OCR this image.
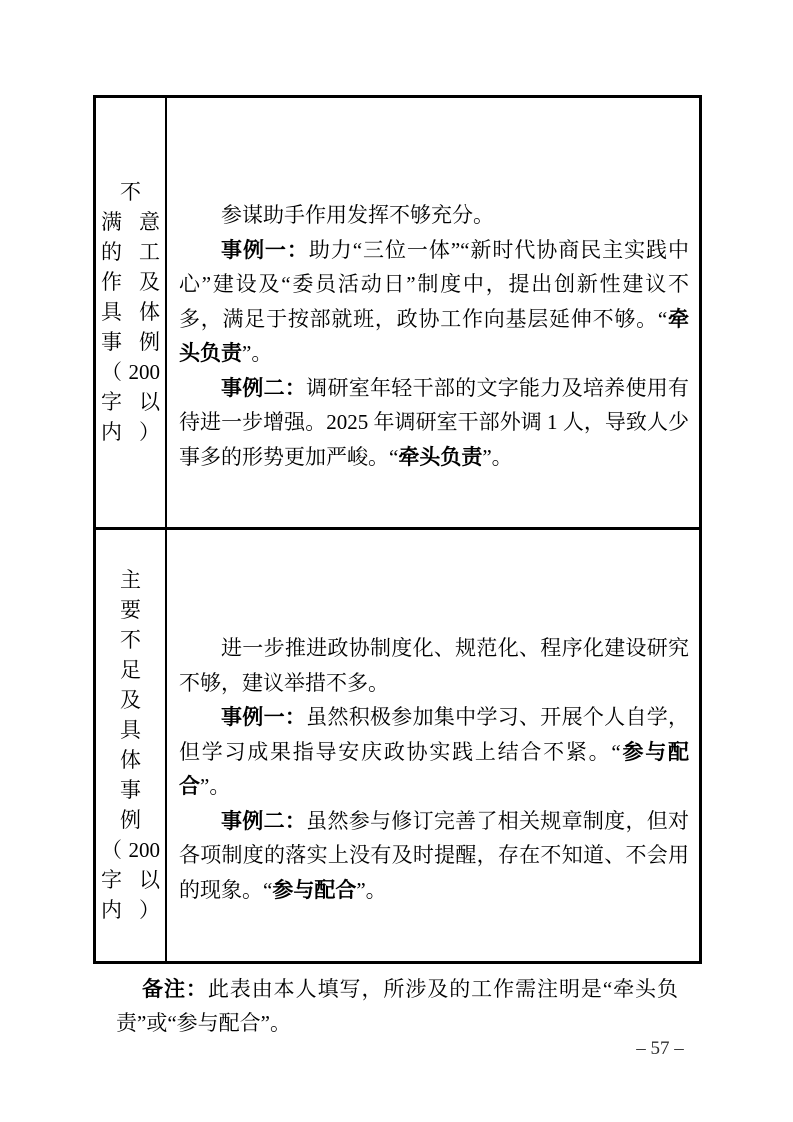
不
满意
的工
作及
具体
事例
（200
字以
内）
参谋助手作用发挥不够充分。
事例一：助力“三位一体”“新时代协商民主实践中心”建设及“委员活动日”制度中，提出创新性建议不多，满足于按部就班，政协工作向基层延伸不够。“牵头负责”。
事例二：调研室年轻干部的文字能力及培养使用有待进一步增强。2025 年调研室干部外调 1 人，导致人少事多的形势更加严峻。“牵头负责”。
主
要
不
足
及
具
体
事
例
（200
字以
内）
进一步推进政协制度化、规范化、程序化建设研究不够，建议举措不多。
事例一：虽然积极参加集中学习、开展个人自学，但学习成果指导安庆政协实践上结合不紧。“参与配合”。
事例二：虽然参与修订完善了相关规章制度，但对各项制度的落实上没有及时提醒，存在不知道、不会用的现象。“参与配合”。
备注：此表由本人填写，所涉及的工作需注明是“牵头负责”或“参与配合”。
– 57 –
